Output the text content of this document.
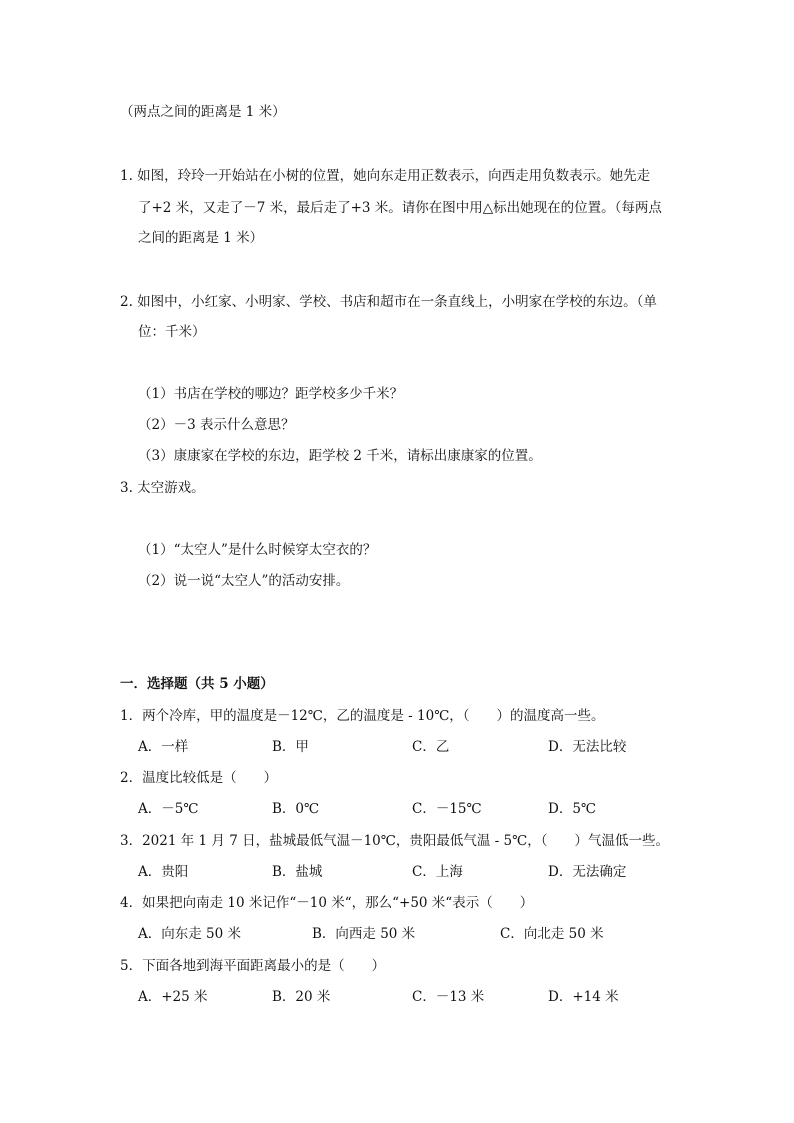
（两点之间的距离是 1 米）
1. 如图，玲玲一开始站在小树的位置，她向东走用正数表示，向西走用负数表示。她先走
了+2 米，又走了－7 米，最后走了+3 米。请你在图中用△标出她现在的位置。（每两点
之间的距离是 1 米）
2. 如图中，小红家、小明家、学校、书店和超市在一条直线上，小明家在学校的东边。（单
位：千米）
（1）书店在学校的哪边？距学校多少千米？
（2）－3 表示什么意思？
（3）康康家在学校的东边，距学校 2 千米，请标出康康家的位置。
3. 太空游戏。
（1）“太空人”是什么时候穿太空衣的？
（2）说一说“太空人”的活动安排。
一．选择题（共 5 小题）
1．两个冷库，甲的温度是－12℃，乙的温度是 - 10℃，（　　）的温度高一些。
A．一样	B．甲	C．乙	D．无法比较
2．温度比较低是（　　）
A．－5℃	B．0℃	C．－15℃	D．5℃
3．2021 年 1 月 7 日，盐城最低气温－10℃，贵阳最低气温 - 5℃，（　　）气温低一些。
A．贵阳	B．盐城	C．上海	D．无法确定
4．如果把向南走 10 米记作“－10 米“，那么“+50 米“表示（　　）
A．向东走 50 米	B．向西走 50 米	C．向北走 50 米
5．下面各地到海平面距离最小的是（　　）
A．+25 米	B．20 米	C．－13 米	D．+14 米
